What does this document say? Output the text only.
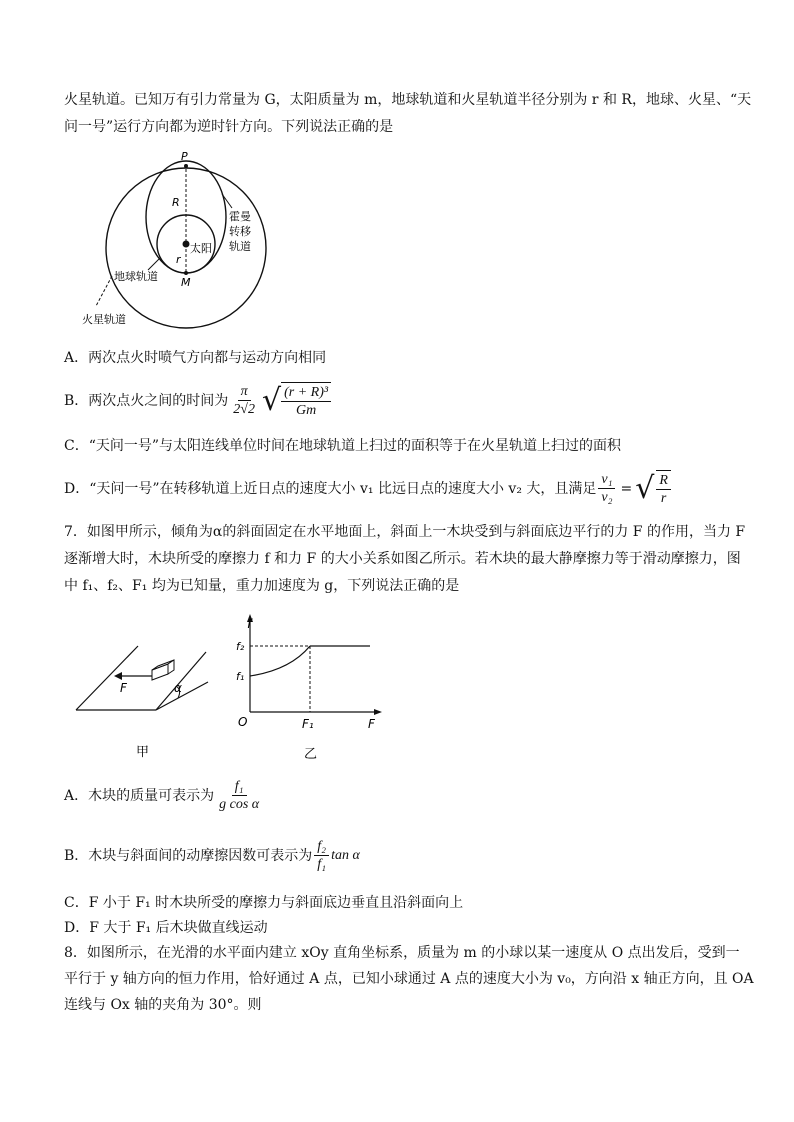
火星轨道。已知万有引力常量为 G，太阳质量为 m，地球轨道和火星轨道半径分别为 r 和 R，地球、火星、“天
问一号”运行方向都为逆时针方向。下列说法正确的是
P
R
r
M
太阳
霍曼
转移
轨道
地球轨道
火星轨道
A．两次点火时喷气方向都与运动方向相同
B．两次点火之间的时间为 $\frac{\pi}{2√2}$ √ $\frac{\text{(r + R)³}}{Gm}$
C．“天问一号”与太阳连线单位时间在地球轨道上扫过的面积等于在火星轨道上扫过的面积
D．“天问一号”在转移轨道上近日点的速度大小 v₁ 比远日点的速度大小 v₂ 大，且满足 $\frac{\text{v₁}}{\text{v₂}}$ = √ $\frac{R}{r}$
7．如图甲所示，倾角为α的斜面固定在水平地面上，斜面上一木块受到与斜面底边平行的力 F 的作用，当力 F
逐渐增大时，木块所受的摩擦力 f 和力 F 的大小关系如图乙所示。若木块的最大静摩擦力等于滑动摩擦力，图
中 f₁、f₂、F₁ 均为已知量，重力加速度为 g，下列说法正确的是
F	α
甲
f
f₂
f₁
O	F₁	F
乙
A．木块的质量可表示为 $\frac{\text{f₁}}{\text{g cos α}}$
B．木块与斜面间的动摩擦因数可表示为 $\frac{\text{f₂}}{\text{f₁}}$ tan α
C．F 小于 F₁ 时木块所受的摩擦力与斜面底边垂直且沿斜面向上
D．F 大于 F₁ 后木块做直线运动
8．如图所示，在光滑的水平面内建立 xOy 直角坐标系，质量为 m 的小球以某一速度从 O 点出发后，受到一
平行于 y 轴方向的恒力作用，恰好通过 A 点，已知小球通过 A 点的速度大小为 v₀，方向沿 x 轴正方向，且 OA
连线与 Ox 轴的夹角为 30°。则
